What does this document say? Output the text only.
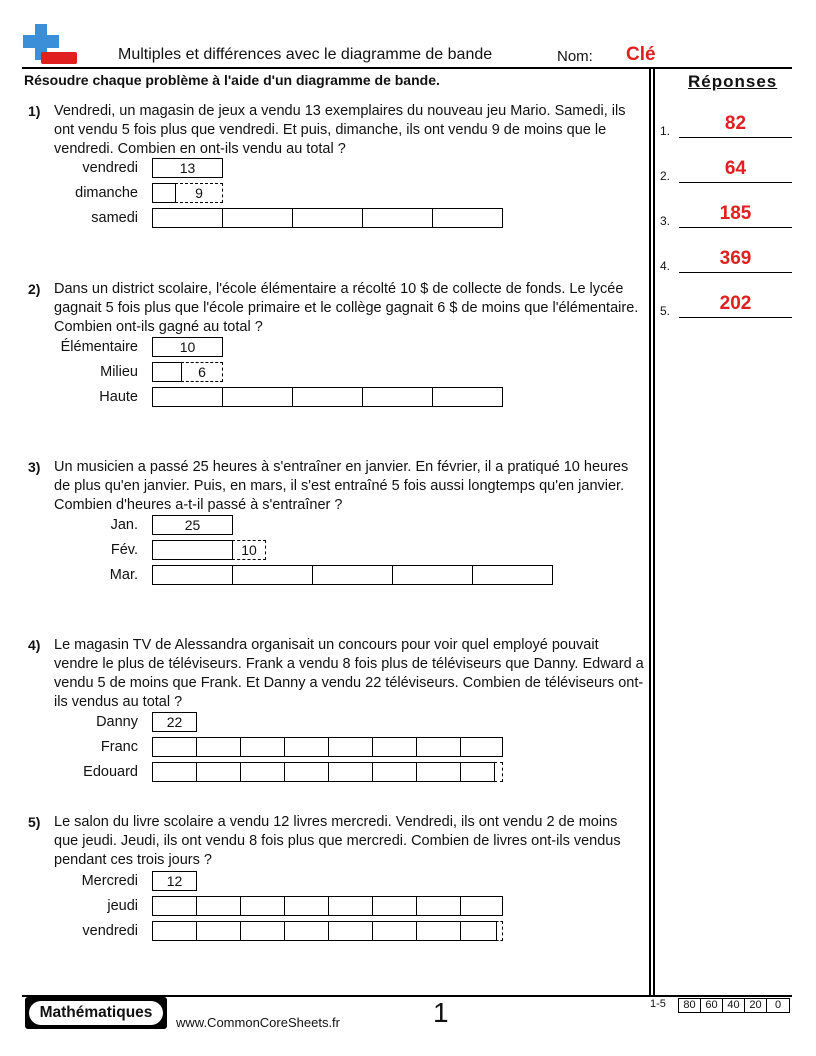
Multiples et différences avec le diagramme de bande	Nom: Clé
Résoudre chaque problème à l'aide d'un diagramme de bande.	Réponses
1.	82
2.	64
3.	185
4.	369
5.	202
1) Vendredi, un magasin de jeux a vendu 13 exemplaires du nouveau jeu Mario. Samedi, ils ont vendu 5 fois plus que vendredi. Et puis, dimanche, ils ont vendu 9 de moins que le vendredi. Combien en ont-ils vendu au total ?
vendredi
dimanche
samedi
13
9
2) Dans un district scolaire, l'école élémentaire a récolté 10 $ de collecte de fonds. Le lycée gagnait 5 fois plus que l'école primaire et le collège gagnait 6 $ de moins que l'élémentaire. Combien ont-ils gagné au total ?
Élémentaire
Milieu
Haute
10
6
3) Un musicien a passé 25 heures à s'entraîner en janvier. En février, il a pratiqué 10 heures de plus qu'en janvier. Puis, en mars, il s'est entraîné 5 fois aussi longtemps qu'en janvier. Combien d'heures a-t-il passé à s'entraîner ?
Jan.
Fév.
Mar.
25
10
4) Le magasin TV de Alessandra organisait un concours pour voir quel employé pouvait vendre le plus de téléviseurs. Frank a vendu 8 fois plus de téléviseurs que Danny. Edward a vendu 5 de moins que Frank. Et Danny a vendu 22 téléviseurs. Combien de téléviseurs ont-ils vendus au total ?
Danny
Franc
Edouard
22
5) Le salon du livre scolaire a vendu 12 livres mercredi. Vendredi, ils ont vendu 2 de moins que jeudi. Jeudi, ils ont vendu 8 fois plus que mercredi. Combien de livres ont-ils vendus pendant ces trois jours ?
Mercredi
jeudi
vendredi
12
Mathématiques
www.CommonCoreSheets.fr	1	1-5	80 60 40 20	0
